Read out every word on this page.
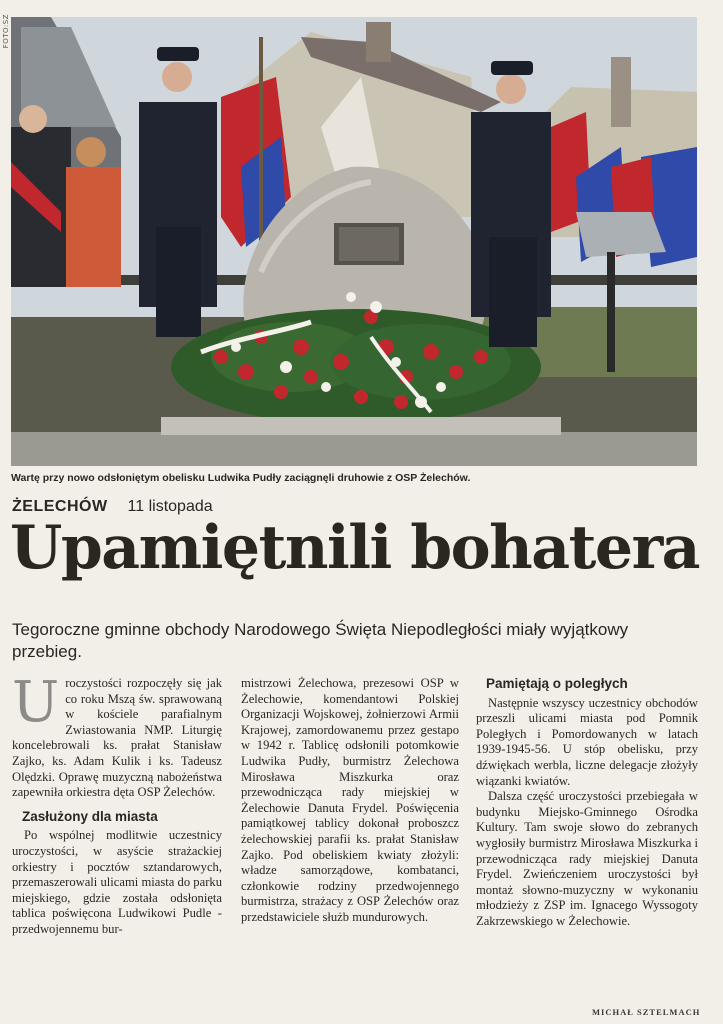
FOTO:SZ
Wartę przy nowo odsłoniętym obelisku Ludwika Pudły zaciągnęli druhowie z OSP Żelechów.
ŻELECHÓW 11 listopada
Upamiętnili bohatera
Tegoroczne gminne obchody Narodowego Święta Niepodległości miały wyjątkowy przebieg.

Uroczystości rozpoczęły się jak co roku Mszą św. sprawowaną w kościele parafialnym Zwiastowania NMP. Liturgię koncelebrowali ks. prałat Stanisław Zajko, ks. Adam Kulik i ks. Tadeusz Olędzki. Oprawę muzyczną nabożeństwa zapewniła orkiestra dęta OSP Żelechów.

Zasłużony dla miasta

Po wspólnej modlitwie uczestnicy uroczystości, w asyście strażackiej orkiestry i pocztów sztandarowych, przemaszerowali ulicami miasta do parku miejskiego, gdzie została odsłonięta tablica poświęcona Ludwikowi Pudle - przedwojennemu bur-

mistrzowi Żelechowa, prezesowi OSP w Żelechowie, komendantowi Polskiej Organizacji Wojskowej, żołnierzowi Armii Krajowej, zamordowanemu przez gestapo w 1942 r. Tablicę odsłonili potomkowie Ludwika Pudły, burmistrz Żelechowa Mirosława Miszkurka oraz przewodnicząca rady miejskiej w Żelechowie Danuta Frydel. Poświęcenia pamiątkowej tablicy dokonał proboszcz żelechowskiej parafii ks. prałat Stanisław Zajko. Pod obeliskiem kwiaty złożyli: władze samorządowe, kombatanci, członkowie rodziny przedwojennego burmistrza, strażacy z OSP Żelechów oraz przedstawiciele służb mundurowych.

Pamiętają o poległych

Następnie wszyscy uczestnicy obchodów przeszli ulicami miasta pod Pomnik Poległych i Pomordowanych w latach 1939-1945-56. U stóp obelisku, przy dźwiękach werbla, liczne delegacje złożyły wiązanki kwiatów.

Dalsza część uroczystości przebiegała w budynku Miejsko-Gminnego Ośrodka Kultury. Tam swoje słowo do zebranych wygłosiły burmistrz Mirosława Miszkurka i przewodnicząca rady miejskiej Danuta Frydel. Zwieńczeniem uroczystości był montaż słowno-muzyczny w wykonaniu młodzieży z ZSP im. Ignacego Wyssogoty Zakrzewskiego w Żelechowie.

MICHAŁ SZTELMACH
